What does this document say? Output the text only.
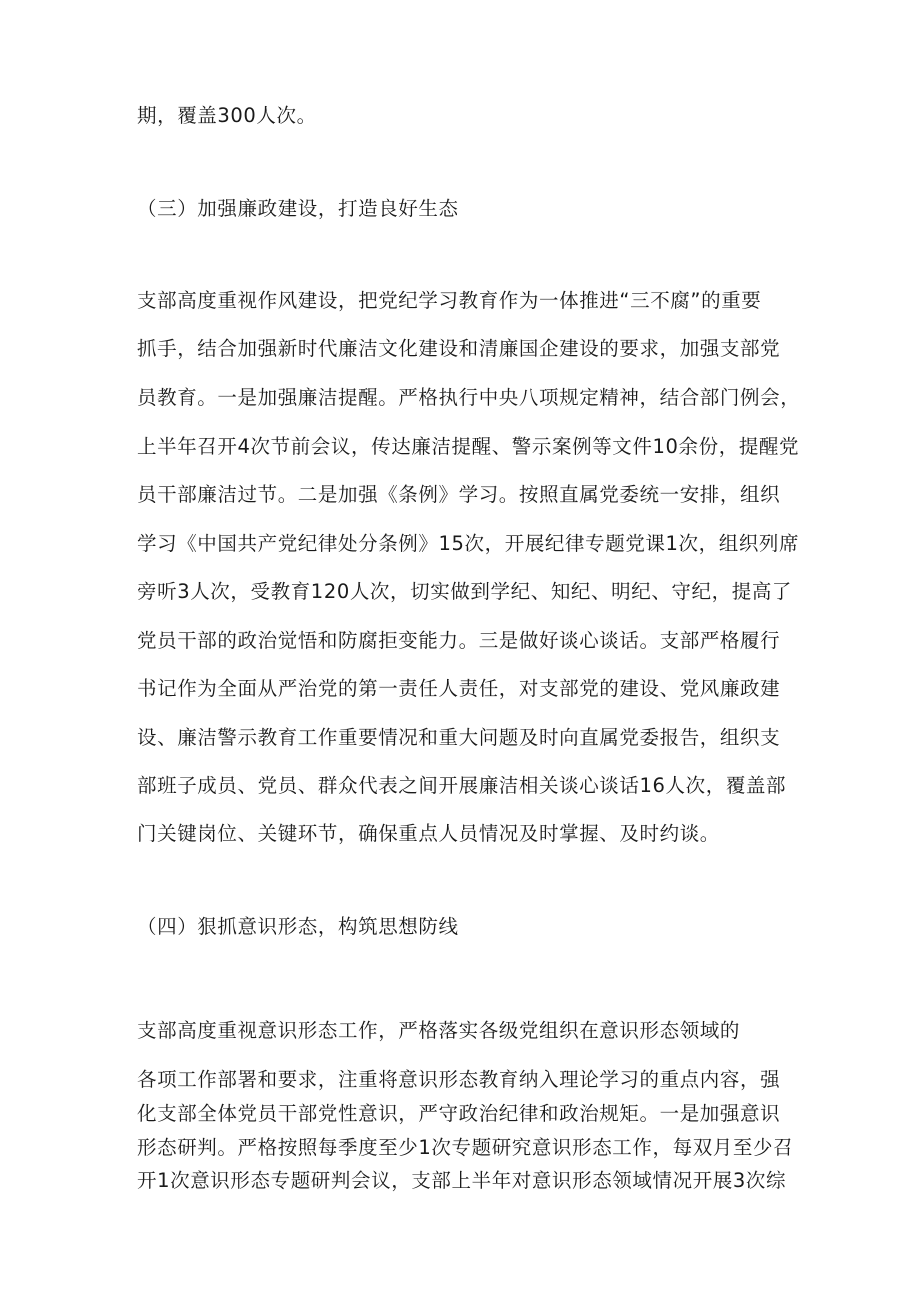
期，覆盖300人次。
（三）加强廉政建设，打造良好生态
支部高度重视作风建设，把党纪学习教育作为一体推进“三不腐”的重要
抓手，结合加强新时代廉洁文化建设和清廉国企建设的要求，加强支部党
员教育。一是加强廉洁提醒。严格执行中央八项规定精神，结合部门例会，
上半年召开4次节前会议，传达廉洁提醒、警示案例等文件10余份，提醒党
员干部廉洁过节。二是加强《条例》学习。按照直属党委统一安排，组织
学习《中国共产党纪律处分条例》15次，开展纪律专题党课1次，组织列席
旁听3人次，受教育120人次，切实做到学纪、知纪、明纪、守纪，提高了
党员干部的政治觉悟和防腐拒变能力。三是做好谈心谈话。支部严格履行
书记作为全面从严治党的第一责任人责任，对支部党的建设、党风廉政建
设、廉洁警示教育工作重要情况和重大问题及时向直属党委报告，组织支
部班子成员、党员、群众代表之间开展廉洁相关谈心谈话16人次，覆盖部
门关键岗位、关键环节，确保重点人员情况及时掌握、及时约谈。
（四）狠抓意识形态，构筑思想防线
支部高度重视意识形态工作，严格落实各级党组织在意识形态领域的
各项工作部署和要求，注重将意识形态教育纳入理论学习的重点内容，强
化支部全体党员干部党性意识，严守政治纪律和政治规矩。一是加强意识
形态研判。严格按照每季度至少1次专题研究意识形态工作，每双月至少召
开1次意识形态专题研判会议，支部上半年对意识形态领域情况开展3次综
